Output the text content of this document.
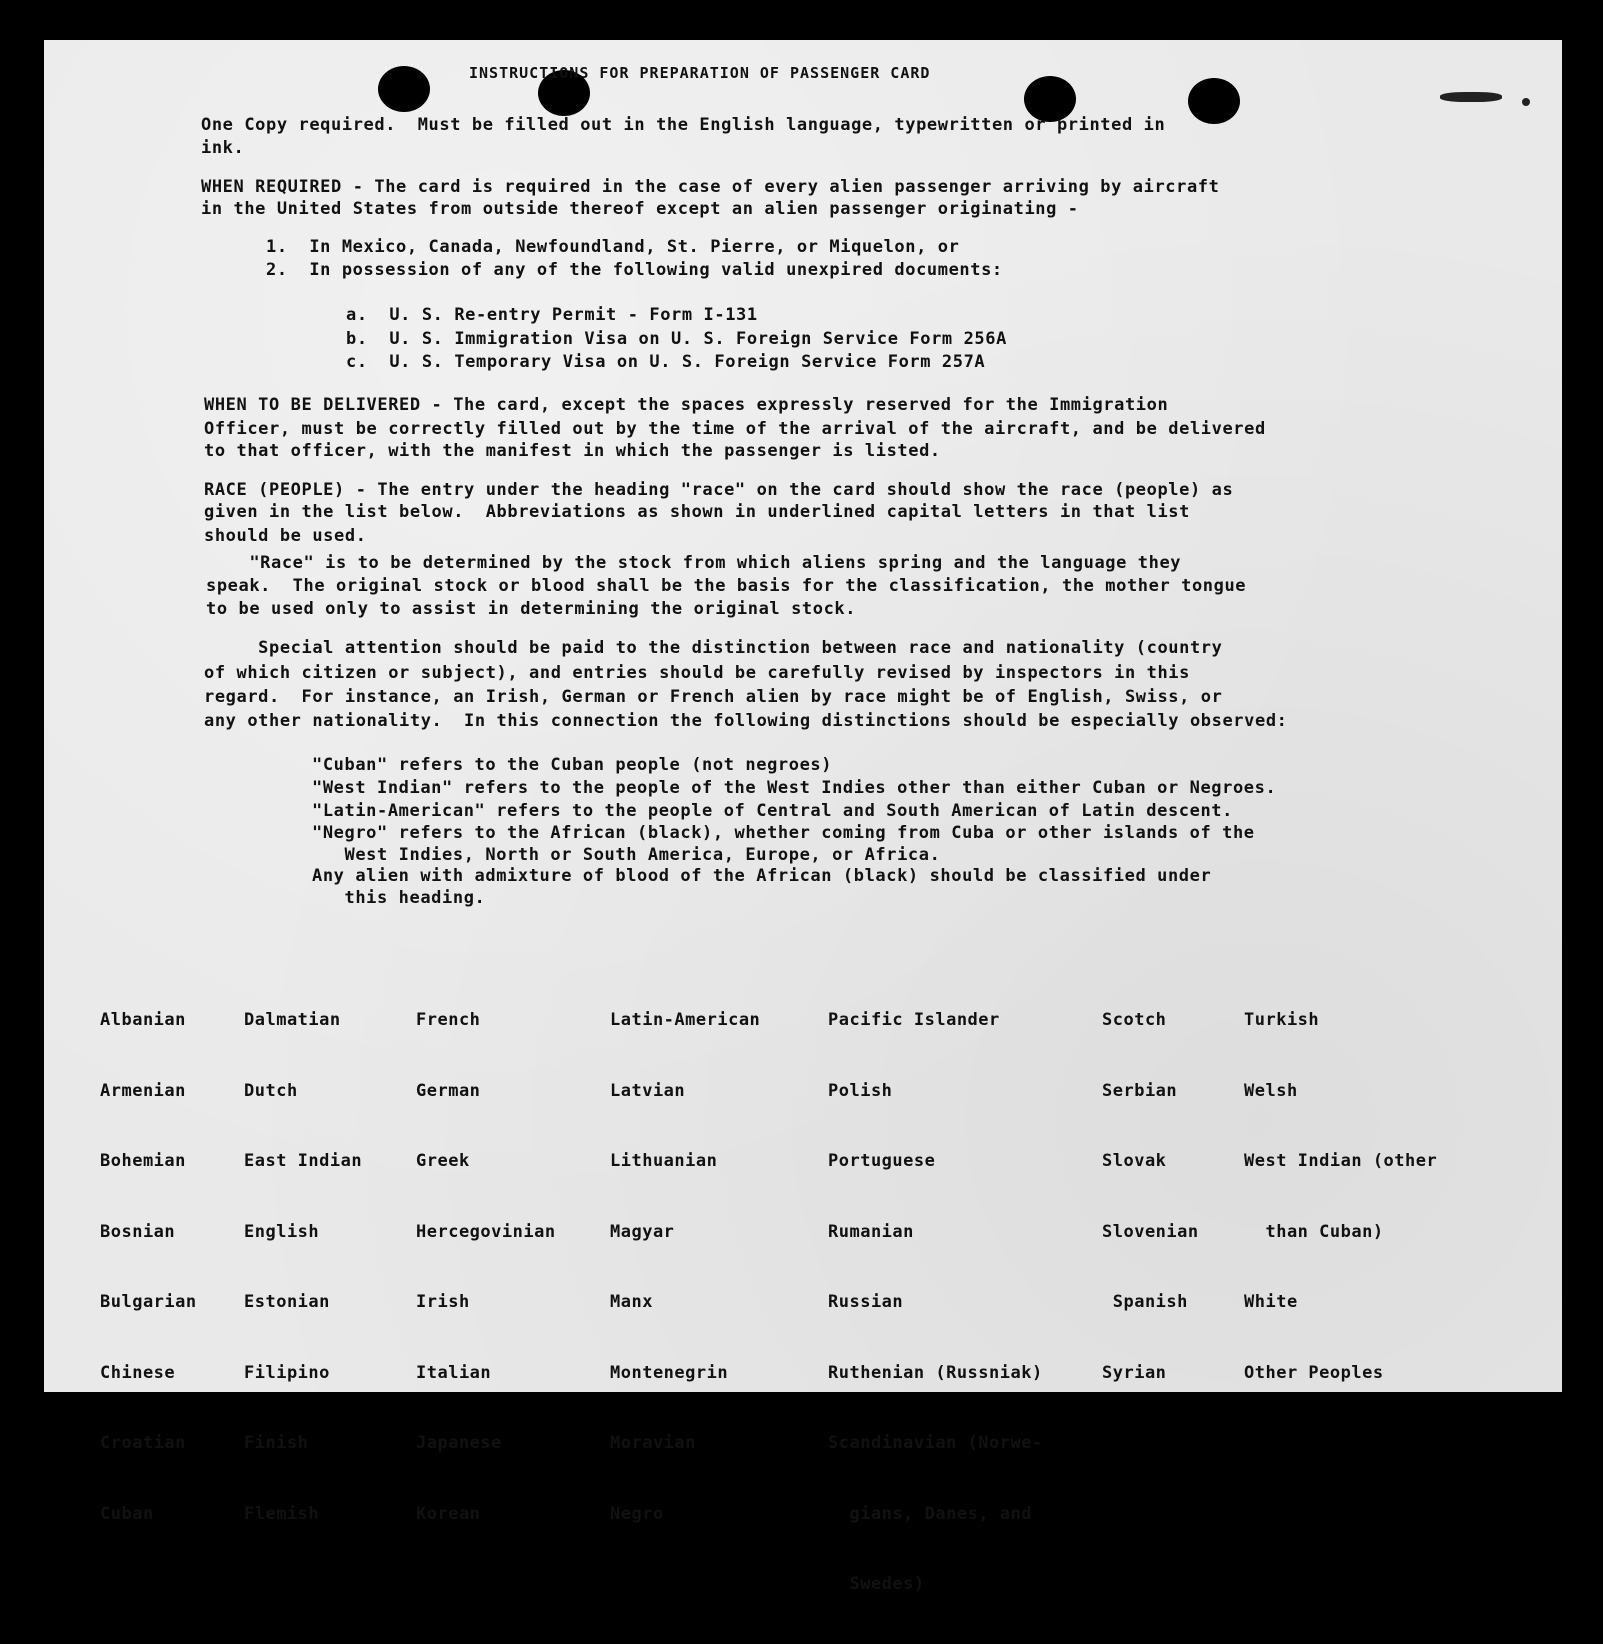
INSTRUCTIONS FOR PREPARATION OF PASSENGER CARD
One Copy required.  Must be filled out in the English language, typewritten or printed in
ink.
WHEN REQUIRED - The card is required in the case of every alien passenger arriving by aircraft
in the United States from outside thereof except an alien passenger originating -
1.  In Mexico, Canada, Newfoundland, St. Pierre, or Miquelon, or
2.  In possession of any of the following valid unexpired documents:
a.  U. S. Re-entry Permit - Form I-131
b.  U. S. Immigration Visa on U. S. Foreign Service Form 256A
c.  U. S. Temporary Visa on U. S. Foreign Service Form 257A
WHEN TO BE DELIVERED - The card, except the spaces expressly reserved for the Immigration
Officer, must be correctly filled out by the time of the arrival of the aircraft, and be delivered
to that officer, with the manifest in which the passenger is listed.
RACE (PEOPLE) - The entry under the heading "race" on the card should show the race (people) as
given in the list below.  Abbreviations as shown in underlined capital letters in that list
should be used.
"Race" is to be determined by the stock from which aliens spring and the language they
speak.  The original stock or blood shall be the basis for the classification, the mother tongue
to be used only to assist in determining the original stock.
Special attention should be paid to the distinction between race and nationality (country
of which citizen or subject), and entries should be carefully revised by inspectors in this
regard.  For instance, an Irish, German or French alien by race might be of English, Swiss, or
any other nationality.  In this connection the following distinctions should be especially observed:
"Cuban" refers to the Cuban people (not negroes)
"West Indian" refers to the people of the West Indies other than either Cuban or Negroes.
"Latin-American" refers to the people of Central and South American of Latin descent.
"Negro" refers to the African (black), whether coming from Cuba or other islands of the
West Indies, North or South America, Europe, or Africa.
Any alien with admixture of blood of the African (black) should be classified under
this heading.

Albanian

Armenian

Bohemian

Bosnian

Bulgarian

Chinese

Croatian

Cuban

Dalmatian

Dutch

East Indian

English

Estonian

Filipino

Finish

Flemish

French

German

Greek

Hercegovinian

Irish

Italian

Japanese

Korean

Latin-American

Latvian

Lithuanian

Magyar

Manx

Montenegrin

Moravian

Negro

Pacific Islander

Polish

Portuguese

Rumanian

Russian

Ruthenian (Russniak)

Scandinavian (Norwe-

gians, Danes, and

Swedes)

Scotch

Serbian

Slovak

Slovenian

Spanish

Syrian

Turkish

Welsh

West Indian (other

than Cuban)

White

Other Peoples
